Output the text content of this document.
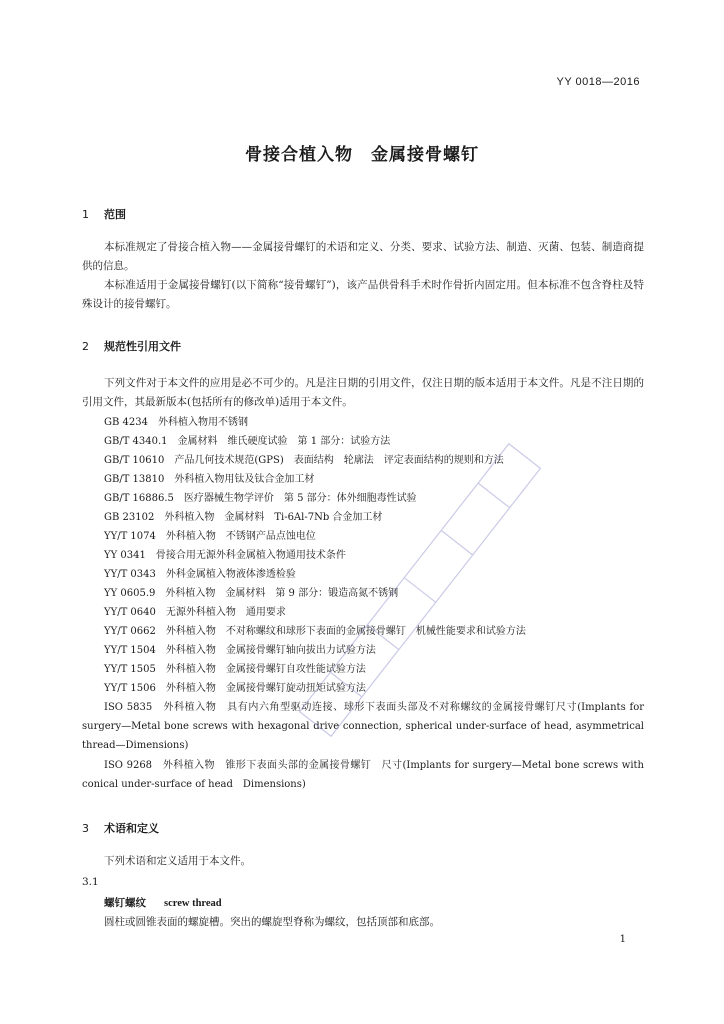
YY 0018—2016
骨接合植入物　金属接骨螺钉
1 范围
本标准规定了骨接合植入物——金属接骨螺钉的术语和定义、分类、要求、试验方法、制造、灭菌、包装、制造商提供的信息。
本标准适用于金属接骨螺钉(以下简称“接骨螺钉”)，该产品供骨科手术时作骨折内固定用。但本标准不包含脊柱及特殊设计的接骨螺钉。
2 规范性引用文件
下列文件对于本文件的应用是必不可少的。凡是注日期的引用文件，仅注日期的版本适用于本文件。凡是不注日期的引用文件，其最新版本(包括所有的修改单)适用于本文件。
GB 4234　外科植入物用不锈钢
GB/T 4340.1　金属材料　维氏硬度试验　第 1 部分：试验方法
GB/T 10610　产品几何技术规范(GPS)　表面结构　轮廓法　评定表面结构的规则和方法
GB/T 13810　外科植入物用钛及钛合金加工材
GB/T 16886.5　医疗器械生物学评价　第 5 部分：体外细胞毒性试验
GB 23102　外科植入物　金属材料　Ti-6Al-7Nb 合金加工材
YY/T 1074　外科植入物　不锈钢产品点蚀电位
YY 0341　骨接合用无源外科金属植入物通用技术条件
YY/T 0343　外科金属植入物液体渗透检验
YY 0605.9　外科植入物　金属材料　第 9 部分：锻造高氮不锈钢
YY/T 0640　无源外科植入物　通用要求
YY/T 0662　外科植入物　不对称螺纹和球形下表面的金属接骨螺钉　机械性能要求和试验方法
YY/T 1504　外科植入物　金属接骨螺钉轴向拔出力试验方法
YY/T 1505　外科植入物　金属接骨螺钉自攻性能试验方法
YY/T 1506　外科植入物　金属接骨螺钉旋动扭矩试验方法
ISO 5835　外科植入物　具有内六角型驱动连接、球形下表面头部及不对称螺纹的金属接骨螺钉尺寸(Implants for surgery—Metal bone screws with hexagonal drive connection, spherical under-surface of head, asymmetrical thread—Dimensions)
ISO 9268　外科植入物　锥形下表面头部的金属接骨螺钉　尺寸(Implants for surgery—Metal bone screws with conical under-surface of head　Dimensions)
3 术语和定义
下列术语和定义适用于本文件。
3.1
螺钉螺纹 screw thread
圆柱或圆锥表面的螺旋槽。突出的螺旋型脊称为螺纹，包括顶部和底部。
1
